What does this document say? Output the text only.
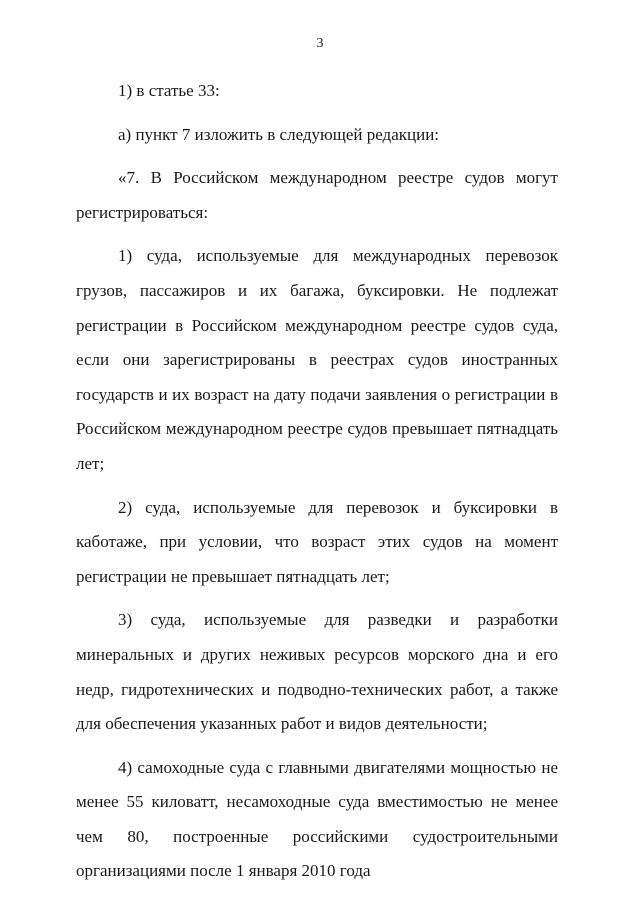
3

1) в статье 33:

а) пункт 7 изложить в следующей редакции:

«7. В Российском международном реестре судов могут регистрироваться:

1) суда, используемые для международных перевозок грузов, пассажиров и их багажа, буксировки. Не подлежат регистрации в Российском международном реестре судов суда, если они зарегистрированы в реестрах судов иностранных государств и их возраст на дату подачи заявления о регистрации в Российском международном реестре судов превышает пятнадцать лет;

2) суда, используемые для перевозок и буксировки в каботаже, при условии, что возраст этих судов на момент регистрации не превышает пятнадцать лет;

3) суда, используемые для разведки и разработки минеральных и других неживых ресурсов морского дна и его недр, гидротехнических и подводно-технических работ, а также для обеспечения указанных работ и видов деятельности;

4) самоходные суда с главными двигателями мощностью не менее 55 киловатт, несамоходные суда вместимостью не менее чем 80, построенные российскими судостроительными организациями после 1 января 2010 года
